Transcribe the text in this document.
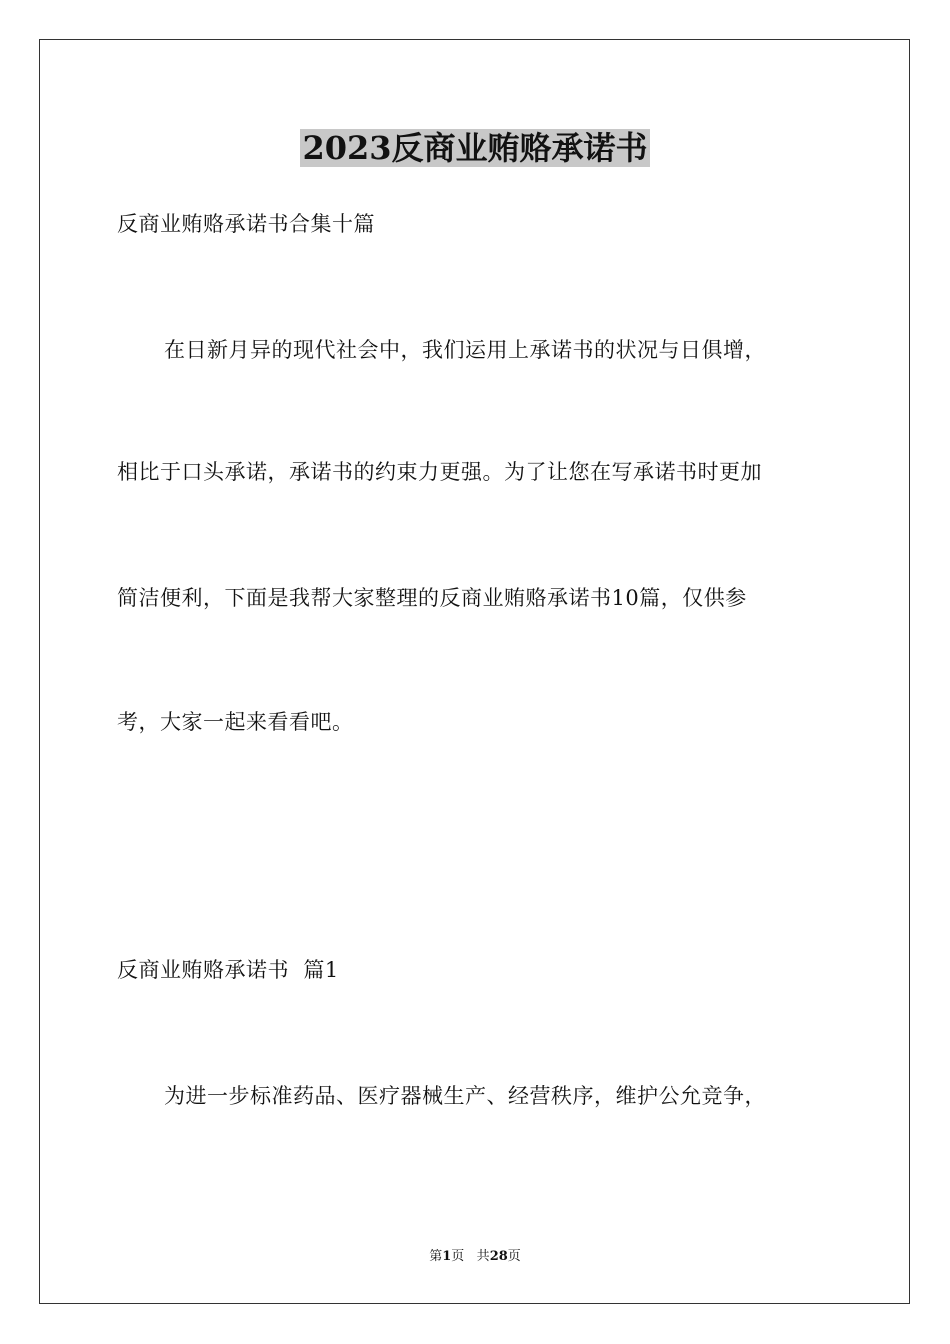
2023反商业贿赂承诺书
反商业贿赂承诺书合集十篇
在日新月异的现代社会中，我们运用上承诺书的状况与日俱增，
相比于口头承诺，承诺书的约束力更强。为了让您在写承诺书时更加
简洁便利，下面是我帮大家整理的反商业贿赂承诺书10篇，仅供参
考，大家一起来看看吧。
反商业贿赂承诺书  篇1
为进一步标准药品、医疗器械生产、经营秩序，维护公允竞争，
第1页 共28页
